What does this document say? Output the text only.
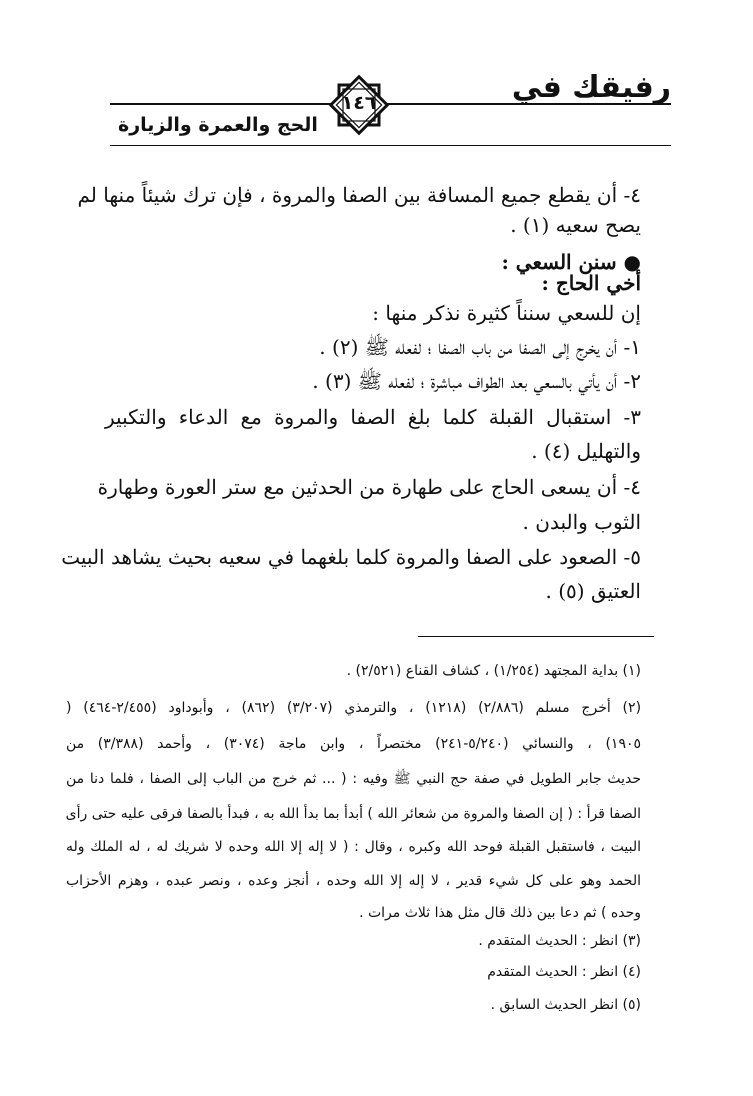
رفيقك في
الحج والعمرة والزيارة
١٤٦
٤- أن يقطع جميع المسافة بين الصفا والمروة ، فإن ترك شيئاً منها لم
يصح سعيه (١) .
● سنن السعي :
أخي الحاج :
إن للسعي سنناً كثيرة نذكر منها :
١- أن يخرج إلى الصفا من باب الصفا ؛ لفعله ﷺ (٢) .
٢- أن يأتي بالسعي بعد الطواف مباشرة ؛ لفعله ﷺ (٣) .
٣- استقبال القبلة كلما بلغ الصفا والمروة مع الدعاء والتكبير
والتهليل (٤) .
٤- أن يسعى الحاج على طهارة من الحدثين مع ستر العورة وطهارة
الثوب والبدن .
٥- الصعود على الصفا والمروة كلما بلغهما في سعيه بحيث يشاهد البيت
العتيق (٥) .
(١) بداية المجتهد (١/٢٥٤) ، كشاف القناع (٢/٥٢١) .
(٢) أخرج مسلم (٢/٨٨٦) (١٢١٨) ، والترمذي (٣/٢٠٧) (٨٦٢) ، وأبوداود (٢/٤٥٥-٤٦٤) (
١٩٠٥) ، والنسائي (٥/٢٤٠-٢٤١) مختصراً ، وابن ماجة (٣٠٧٤) ، وأحمد (٣/٣٨٨) من
حديث جابر الطويل في صفة حج النبي ﷺ وفيه : ( ... ثم خرج من الباب إلى الصفا ، فلما دنا من
الصفا قرأ : ( إن الصفا والمروة من شعائر الله ) أبدأ بما بدأ الله به ، فبدأ بالصفا فرقى عليه حتى رأى
البيت ، فاستقبل القبلة فوحد الله وكبره ، وقال : ( لا إله إلا الله وحده لا شريك له ، له الملك وله
الحمد وهو على كل شيء قدير ، لا إله إلا الله وحده ، أنجز وعده ، ونصر عبده ، وهزم الأحزاب
وحده ) ثم دعا بين ذلك قال مثل هذا ثلاث مرات .
(٣) انظر : الحديث المتقدم .
(٤) انظر : الحديث المتقدم
(٥) انظر الحديث السابق .
